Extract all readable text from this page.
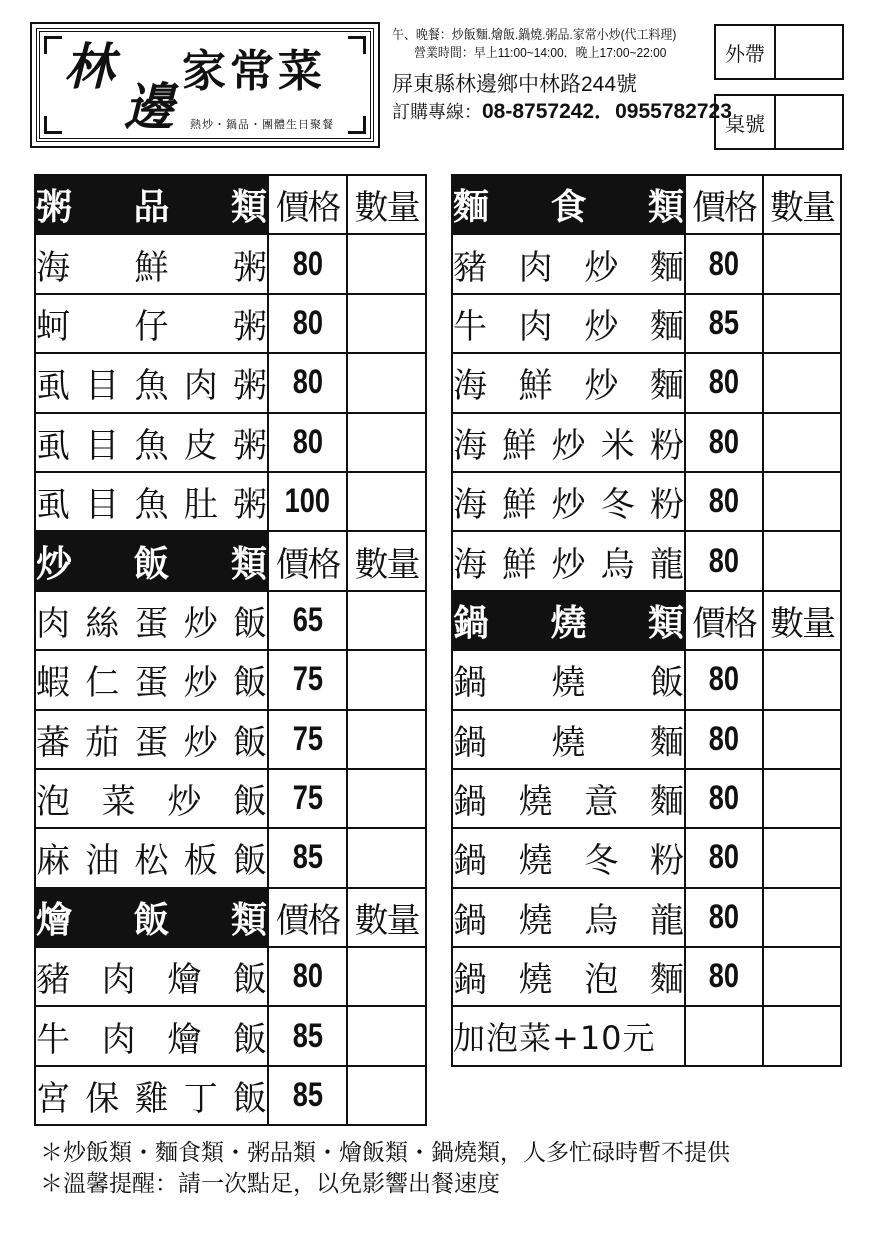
林
邊
家常菜
熱炒・鍋品・團體生日聚餐
午、晚餐：炒飯麵.燴飯.鍋燒.粥品.家常小炒(代工料理)
營業時間：早上11:00~14:00．晚上17:00~22:00
屏東縣林邊鄉中林路244號
訂購專線：08-8757242．0955782723
外帶
桌號
粥 品 類	價格	數量

海 鮮 粥	80	

蚵 仔 粥	80	

虱 目 魚 肉 粥	80	

虱 目 魚 皮 粥	80	

虱 目 魚 肚 粥	100	

炒 飯 類	價格	數量

肉 絲 蛋 炒 飯	65	

蝦 仁 蛋 炒 飯	75	

蕃 茄 蛋 炒 飯	75	

泡 菜 炒 飯	75	

麻 油 松 板 飯	85	

燴 飯 類	價格	數量

豬 肉 燴 飯	80	

牛 肉 燴 飯	85	

宮 保 雞 丁 飯	85	
麵 食 類	價格	數量

豬 肉 炒 麵	80	

牛 肉 炒 麵	85	

海 鮮 炒 麵	80	

海 鮮 炒 米 粉	80	

海 鮮 炒 冬 粉	80	

海 鮮 炒 烏 龍	80	

鍋 燒 類	價格	數量

鍋 燒 飯	80	

鍋 燒 麵	80	

鍋 燒 意 麵	80	

鍋 燒 冬 粉	80	

鍋 燒 烏 龍	80	

鍋 燒 泡 麵	80	
加泡菜+10元		
＊炒飯類・麵食類・粥品類・燴飯類・鍋燒類，人多忙碌時暫不提供
＊溫馨提醒：請一次點足，以免影響出餐速度
